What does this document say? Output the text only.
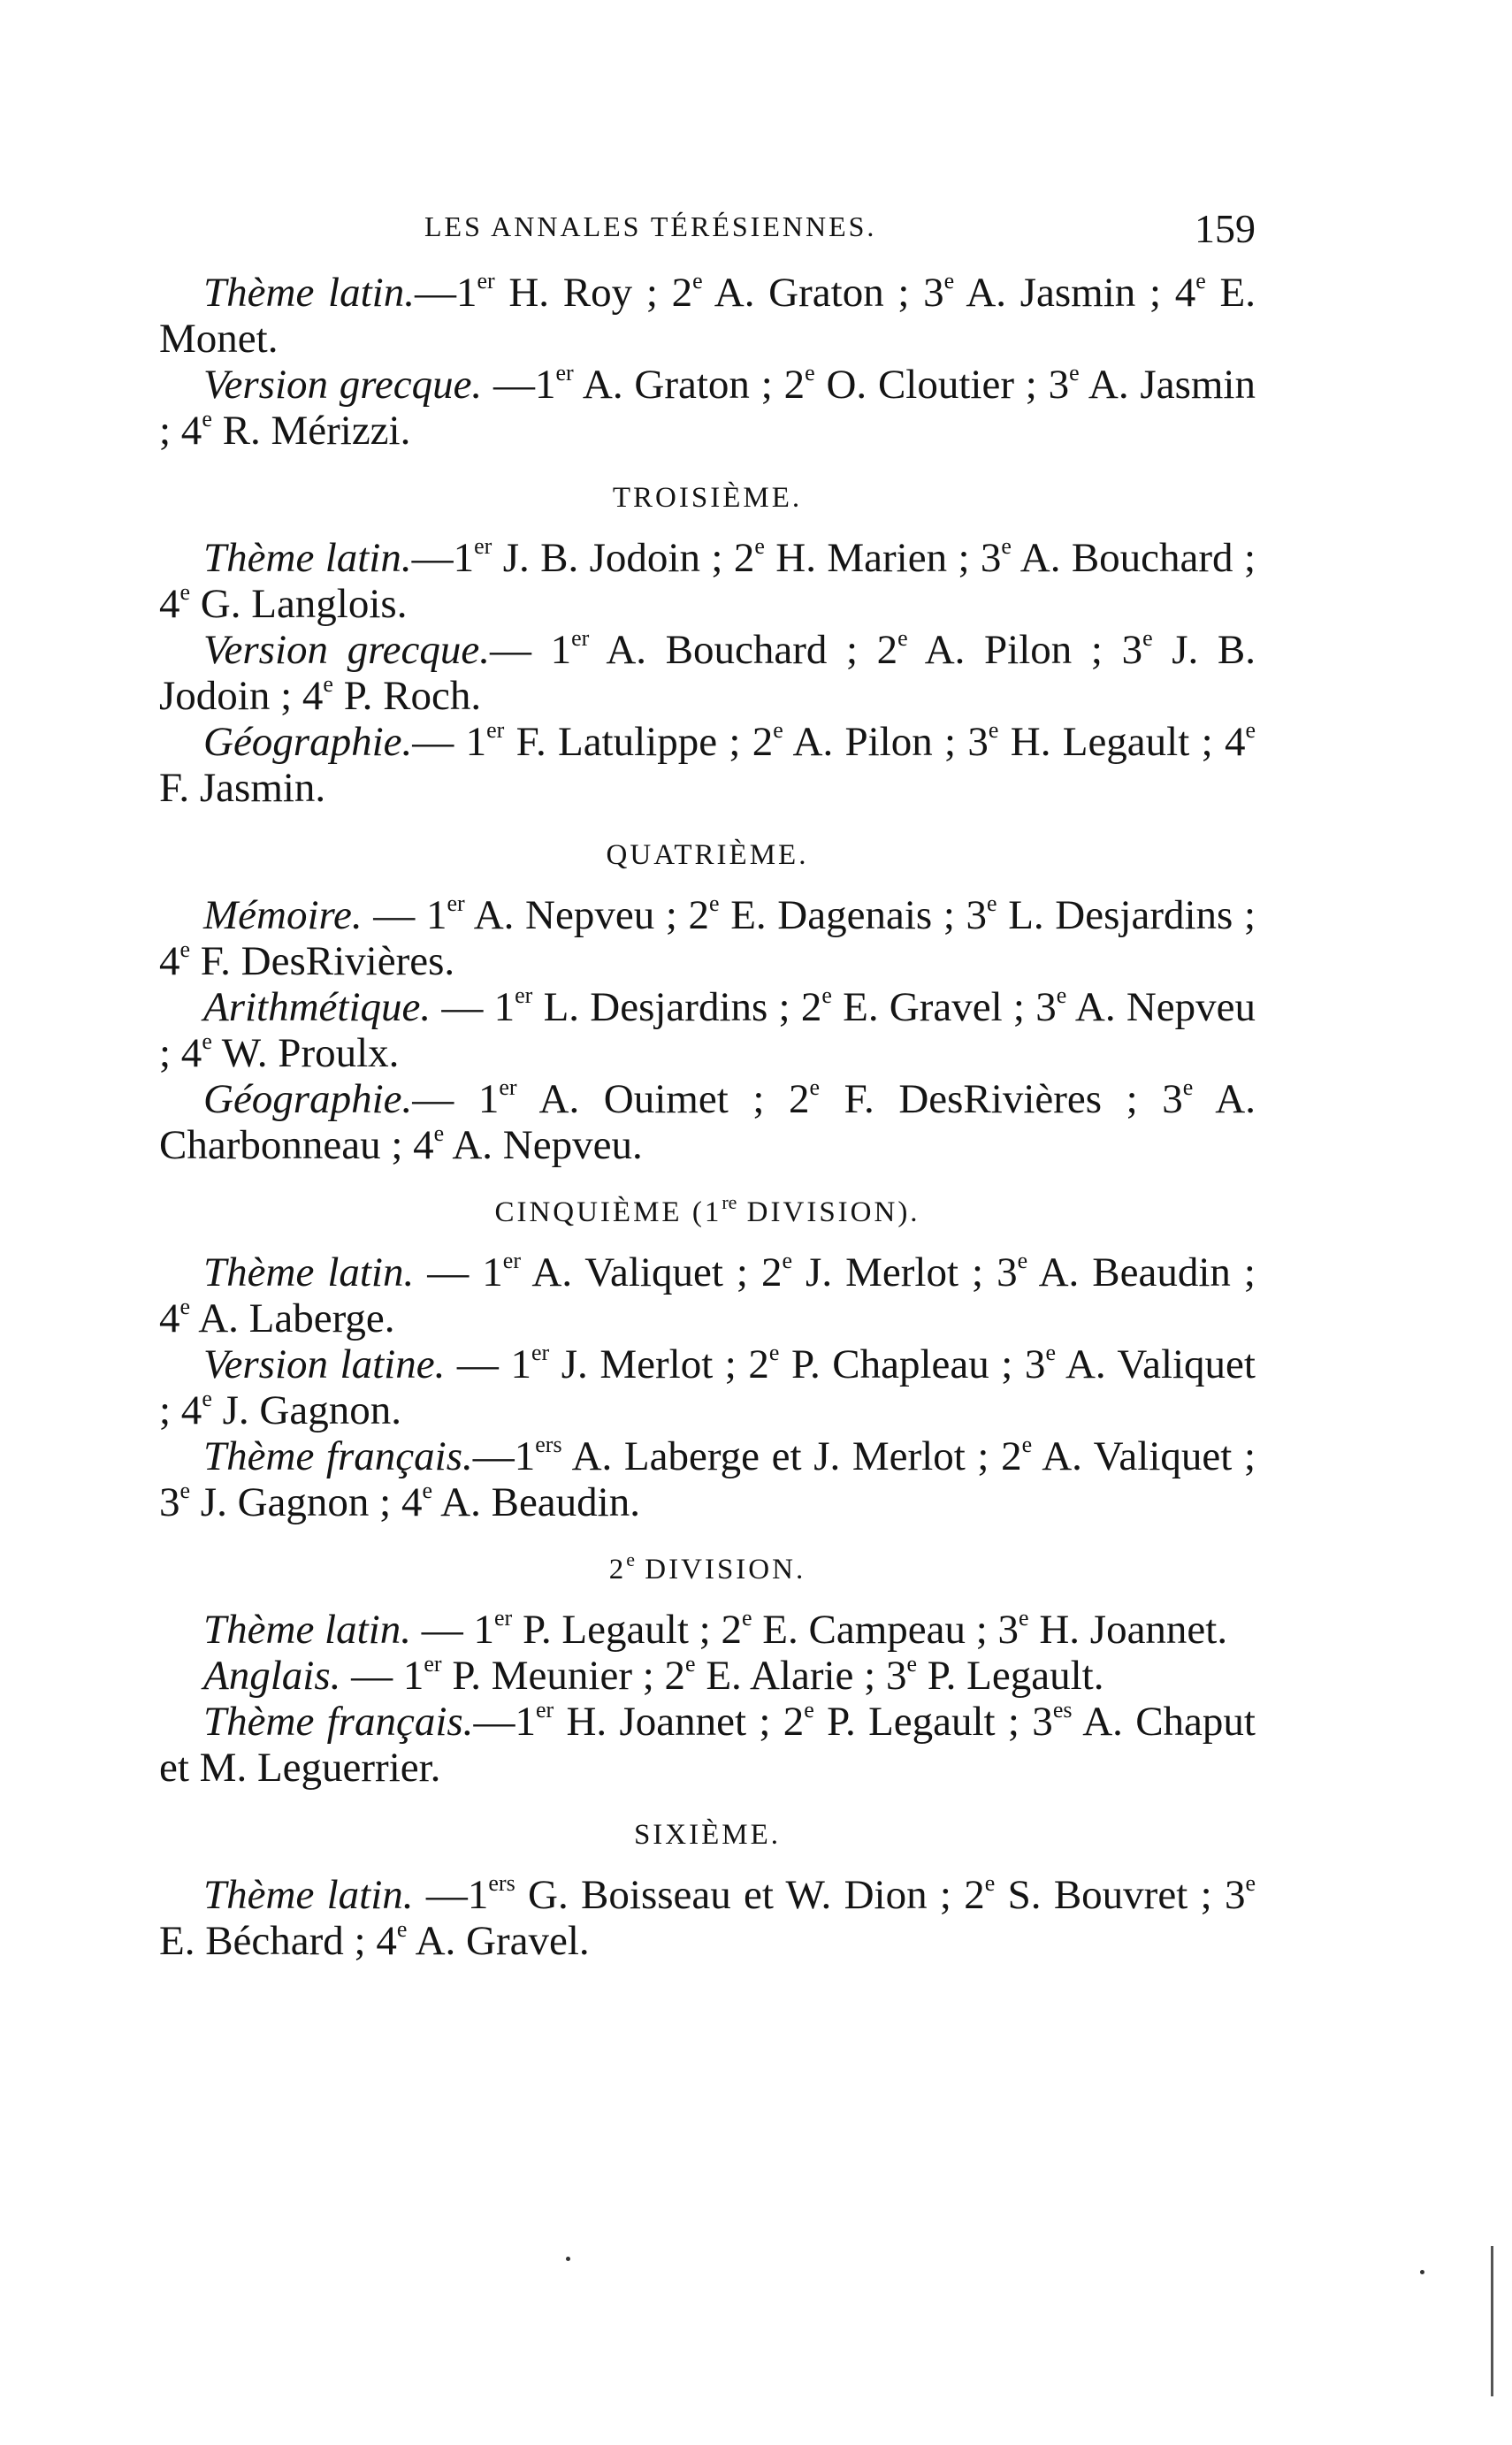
LES ANNALES TÉRÉSIENNES.	159

Thème latin.—1er H. Roy ; 2e A. Graton ; 3e A. Jasmin ; 4e E. Monet.

Version grecque. —1er A. Graton ; 2e O. Cloutier ; 3e A. Jasmin ; 4e R. Mérizzi.

TROISIÈME.

Thème latin.—1er J. B. Jodoin ; 2e H. Marien ; 3e A. Bouchard ; 4e G. Langlois.

Version grecque.— 1er A. Bouchard ; 2e A. Pilon ; 3e J. B. Jodoin ; 4e P. Roch.

Géographie.— 1er F. Latulippe ; 2e A. Pilon ; 3e H. Legault ; 4e F. Jasmin.

QUATRIÈME.

Mémoire. — 1er A. Nepveu ; 2e E. Dagenais ; 3e L. Desjardins ; 4e F. DesRivières.

Arithmétique. — 1er L. Desjardins ; 2e E. Gravel ; 3e A. Nepveu ; 4e W. Proulx.

Géographie.— 1er A. Ouimet ; 2e F. DesRivières ; 3e A. Charbonneau ; 4e A. Nepveu.

CINQUIÈME (1re DIVISION).

Thème latin. — 1er A. Valiquet ; 2e J. Merlot ; 3e A. Beaudin ; 4e A. Laberge.

Version latine. — 1er J. Merlot ; 2e P. Chapleau ; 3e A. Valiquet ; 4e J. Gagnon.

Thème français.—1ers A. Laberge et J. Merlot ; 2e A. Valiquet ; 3e J. Gagnon ; 4e A. Beaudin.

2e DIVISION.

Thème latin. — 1er P. Legault ; 2e E. Campeau ; 3e H. Joannet.

Anglais. — 1er P. Meunier ; 2e E. Alarie ; 3e P. Legault.

Thème français.—1er H. Joannet ; 2e P. Legault ; $3^{es}$ A. Chaput et M. Leguerrier.

SIXIÈME.

Thème latin. —1ers G. Boisseau et W. Dion ; 2e S. Bouvret ; 3e E. Béchard ; 4e A. Gravel.
